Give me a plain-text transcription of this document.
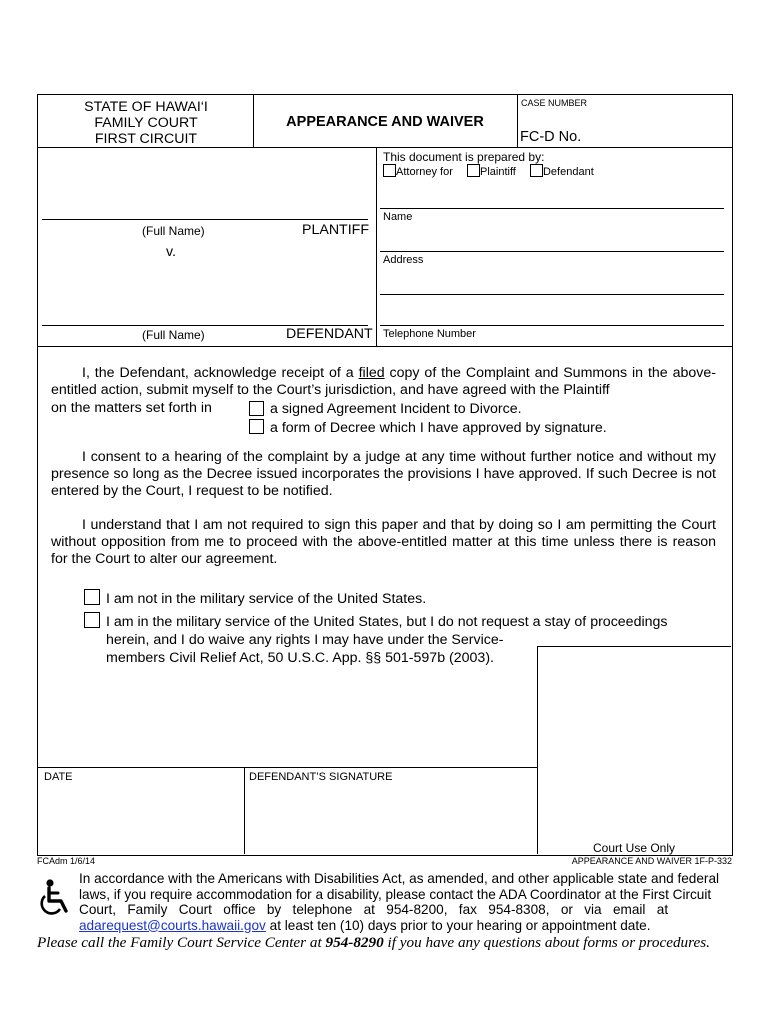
STATE OF HAWAI‘I
FAMILY COURT
FIRST CIRCUIT
APPEARANCE AND WAIVER
CASE NUMBER
FC-D No.
(Full Name)	PLANTIFF
v.
(Full Name)	DEFENDANT
This document is prepared by:
Attorney for Plaintiff Defendant
Name
Address
Telephone Number
I, the Defendant, acknowledge receipt of a filed copy of the Complaint and Summons in the above-entitled action, submit myself to the Court’s jurisdiction, and have agreed with the Plaintiff
on the matters set forth in	a signed Agreement Incident to Divorce.
a form of Decree which I have approved by signature.
I consent to a hearing of the complaint by a judge at any time without further notice and without my presence so long as the Decree issued incorporates the provisions I have approved. If such Decree is not entered by the Court, I request to be notified.
I understand that I am not required to sign this paper and that by doing so I am permitting the Court without opposition from me to proceed with the above-entitled matter at this time unless there is reason for the Court to alter our agreement.
I am not in the military service of the United States.
I am in the military service of the United States, but I do not request a stay of proceedings
herein, and I do waive any rights I may have under the Service-
members Civil Relief Act, 50 U.S.C. App. §§ 501-597b (2003).
Court Use Only
DATE	DEFENDANT’S SIGNATURE
FCAdm 1/6/14	APPEARANCE AND WAIVER 1F-P-332
In accordance with the Americans with Disabilities Act, as amended, and other applicable state and federal
laws, if you require accommodation for a disability, please contact the ADA Coordinator at the First Circuit
Court,   Family   Court   office   by   telephone   at   954-8200,   fax   954-8308,   or   via   email   at
adarequest@courts.hawaii.gov at least ten (10) days prior to your hearing or appointment date.
Please call the Family Court Service Center at 954-8290 if you have any questions about forms or procedures.
